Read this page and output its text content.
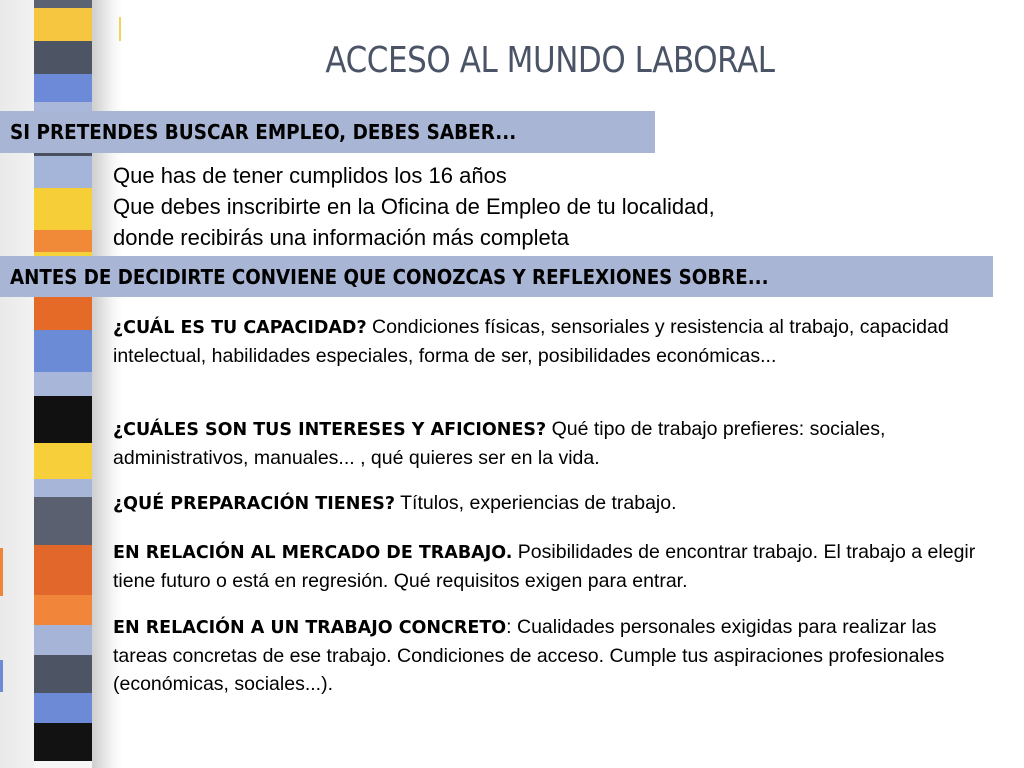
ACCESO AL MUNDO LABORAL
SI PRETENDES BUSCAR EMPLEO, DEBES SABER...
Que has de tener cumplidos los 16 años
Que debes inscribirte en la Oficina de Empleo de tu localidad,
donde recibirás una información más completa
ANTES DE DECIDIRTE CONVIENE QUE CONOZCAS Y REFLEXIONES SOBRE...

¿CUÁL ES TU CAPACIDAD? Condiciones físicas, sensoriales y resistencia al trabajo, capacidad intelectual, habilidades especiales, forma de ser, posibilidades económicas...

¿CUÁLES SON TUS INTERESES Y AFICIONES? Qué tipo de trabajo prefieres: sociales, administrativos, manuales... , qué quieres ser en la vida.

¿QUÉ PREPARACIÓN TIENES? Títulos, experiencias de trabajo.

EN RELACIÓN AL MERCADO DE TRABAJO. Posibilidades de encontrar trabajo. El trabajo a elegir tiene futuro o está en regresión. Qué requisitos exigen para entrar.

EN RELACIÓN A UN TRABAJO CONCRETO: Cualidades personales exigidas para realizar las tareas concretas de ese trabajo. Condiciones de acceso. Cumple tus aspiraciones profesionales (económicas, sociales...).
